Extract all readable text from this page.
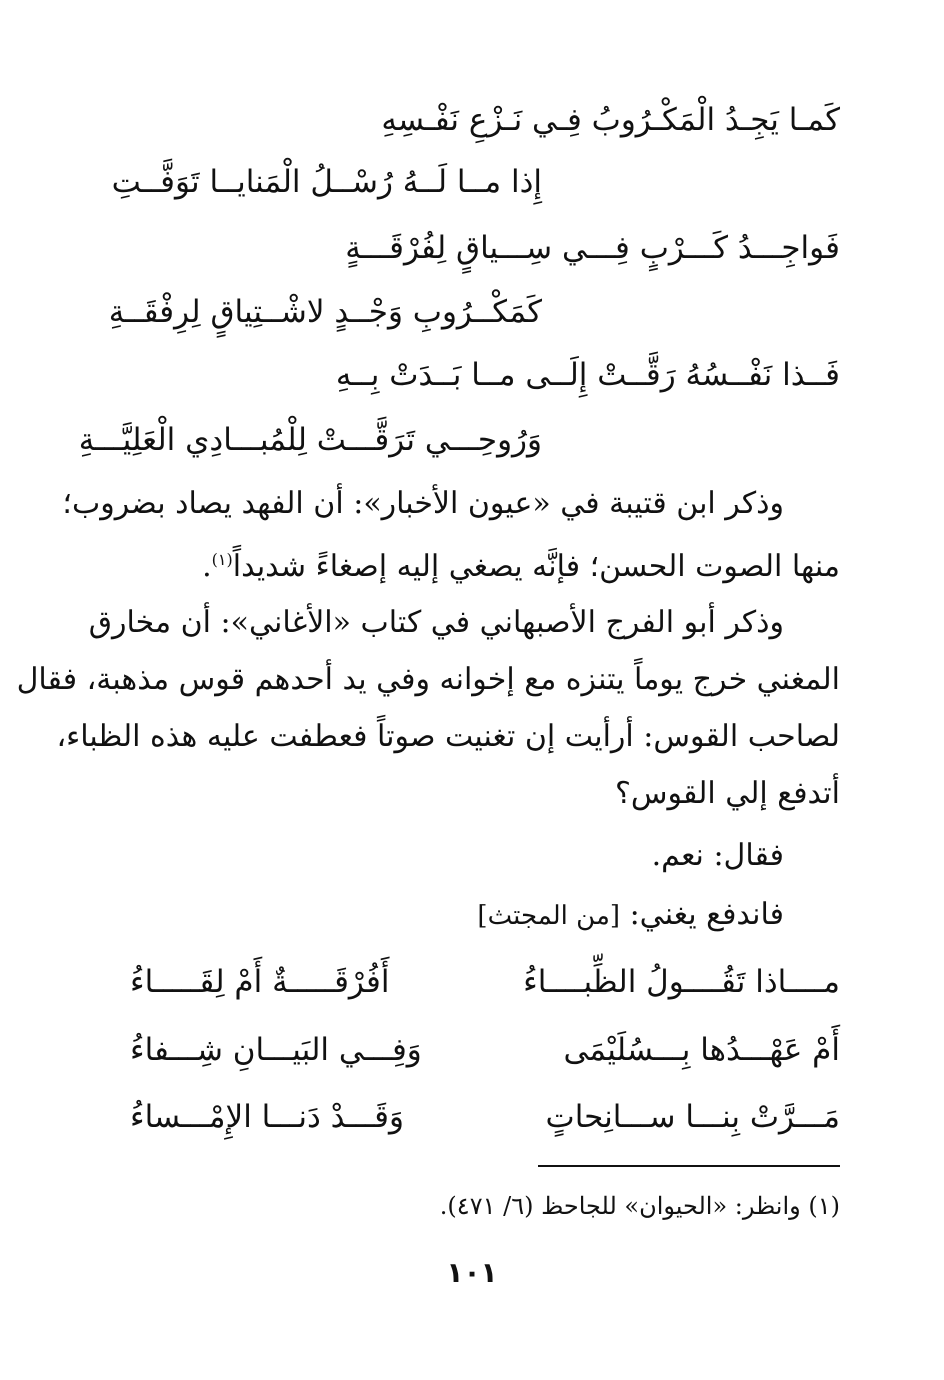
كَمـا يَجِـدُ الْمَكْـرُوبُ فِـي نَـزْعِ نَفْـسِهِ
إِذا مــا لَــهُ رُسْــلُ الْمَنايــا تَوَفَّــتِ
فَواجِـــدُ كَـــرْبٍ فِـــي سِـــياقٍ لِفُرْقَـــةٍ
كَمَكْــرُوبِ وَجْــدٍ لاشْــتِياقٍ لِرِفْقَــةِ
فَــذا نَفْــسُهُ رَقَّــتْ إِلَــى مــا بَــدَتْ بِــهِ
وَرُوحِـــي تَرَقَّـــتْ لِلْمُبـــادِي الْعَلِيَّـــةِ
وذكر ابن قتيبة في «عيون الأخبار»: أن الفهد يصاد بضروب؛
منها الصوت الحسن؛ فإنَّه يصغي إليه إصغاءً شديداً$^{(١)}$.
وذكر أبو الفرج الأصبهاني في كتاب «الأغاني»: أن مخارق
المغني خرج يوماً يتنزه مع إخوانه وفي يد أحدهم قوس مذهبة، فقال
لصاحب القوس: أرأيت إن تغنيت صوتاً فعطفت عليه هذه الظباء،
أتدفع إلي القوس؟
فقال: نعم.
فاندفع يغني: [من المجتث]
مــــاذا تَقُــــولُ الظِّبــــاءُ
أَفُرْقَـــــةٌ أَمْ لِقَـــــاءُ
أَمْ عَهْـــدُها بِـــسُلَيْمَى
وَفِـــي البَيـــانِ شِـــفاءُ
مَـــرَّتْ بِنـــا ســـانِحاتٍ
وَقَـــدْ دَنـــا الإِمْـــساءُ
(١) وانظر: «الحيوان» للجاحظ (٦/ ٤٧١).
١٠١
